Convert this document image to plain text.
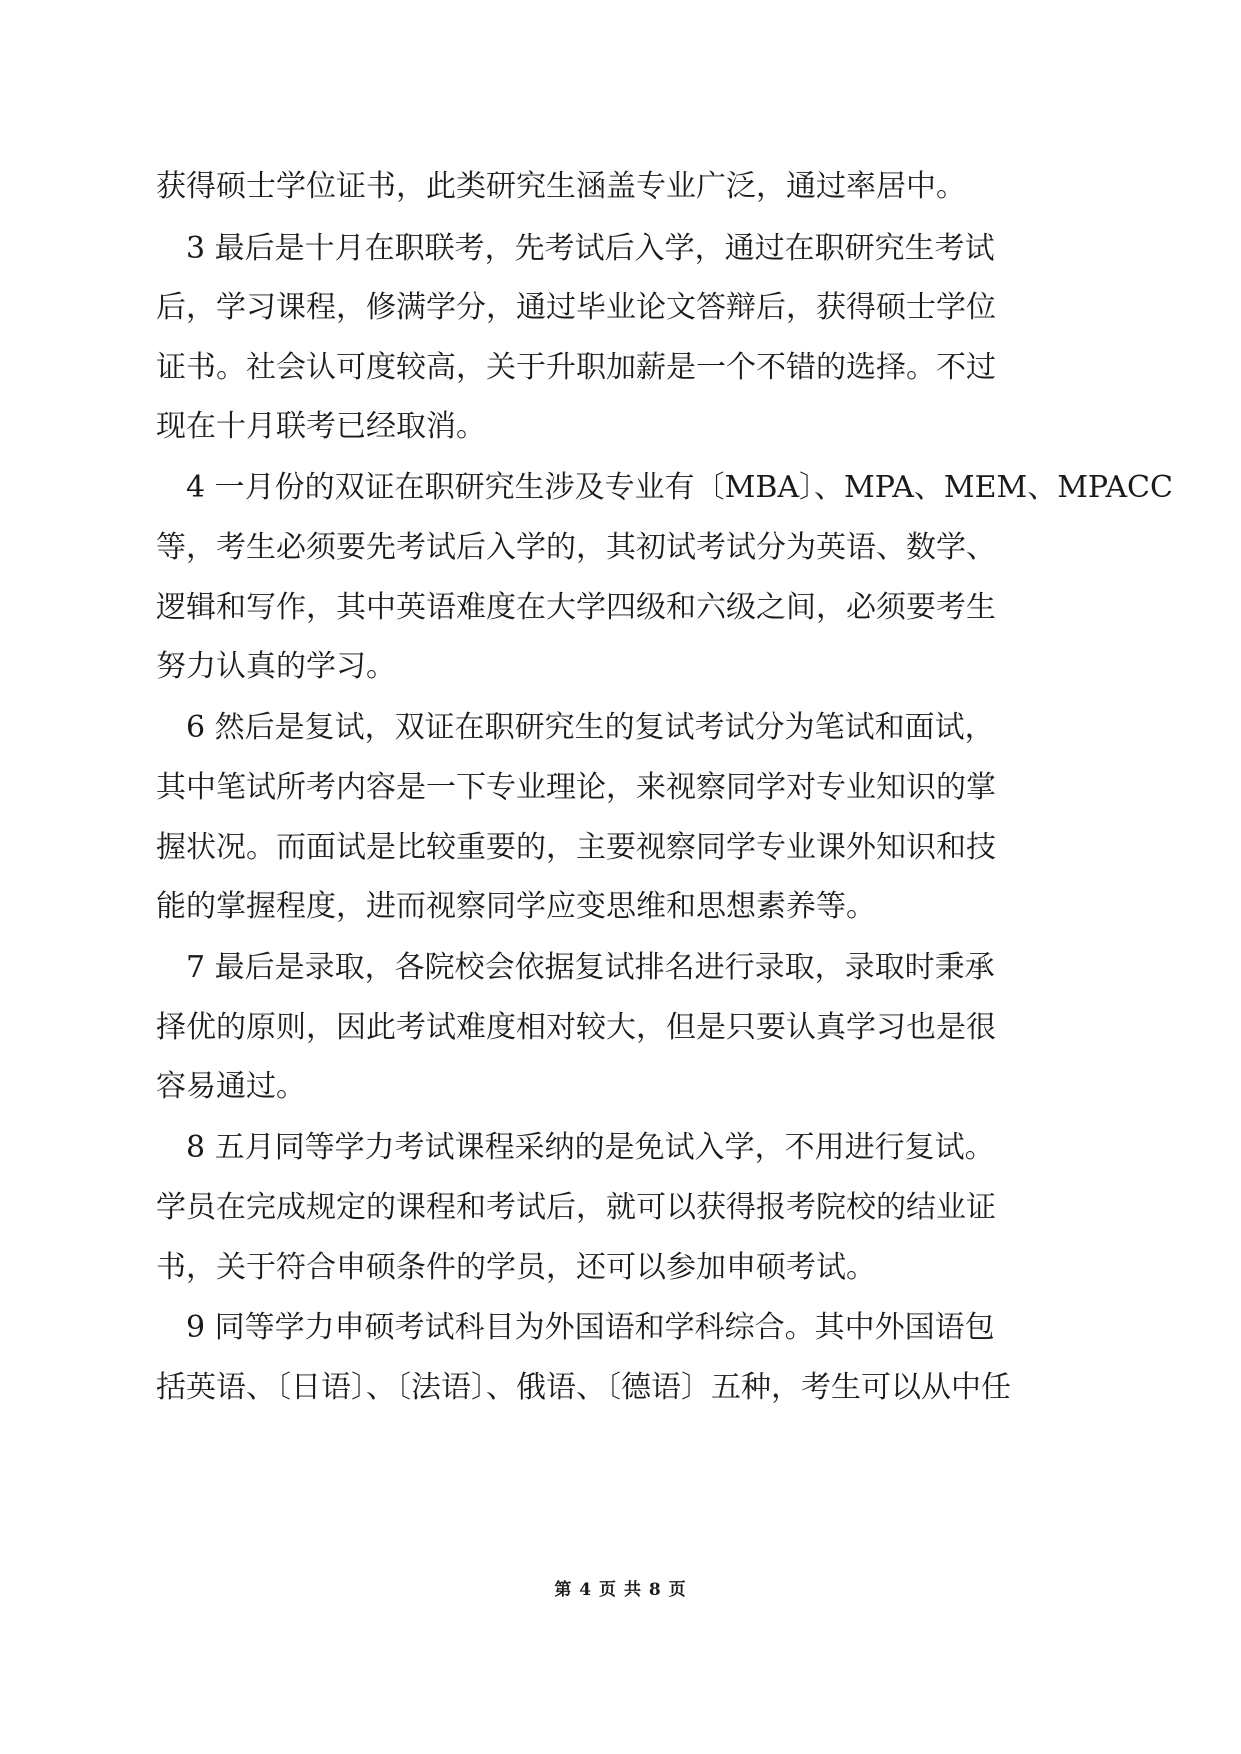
获得硕士学位证书，此类研究生涵盖专业广泛，通过率居中。
3 最后是十月在职联考，先考试后入学，通过在职研究生考试
后，学习课程，修满学分，通过毕业论文答辩后，获得硕士学位
证书。社会认可度较高，关于升职加薪是一个不错的选择。不过
现在十月联考已经取消。
4 一月份的双证在职研究生涉及专业有〔MBA〕、MPA、MEM、MPACC
等，考生必须要先考试后入学的，其初试考试分为英语、数学、
逻辑和写作，其中英语难度在大学四级和六级之间，必须要考生
努力认真的学习。
6 然后是复试，双证在职研究生的复试考试分为笔试和面试，
其中笔试所考内容是一下专业理论，来视察同学对专业知识的掌
握状况。而面试是比较重要的，主要视察同学专业课外知识和技
能的掌握程度，进而视察同学应变思维和思想素养等。
7 最后是录取，各院校会依据复试排名进行录取，录取时秉承
择优的原则，因此考试难度相对较大，但是只要认真学习也是很
容易通过。
8 五月同等学力考试课程采纳的是免试入学，不用进行复试。
学员在完成规定的课程和考试后，就可以获得报考院校的结业证
书，关于符合申硕条件的学员，还可以参加申硕考试。
9 同等学力申硕考试科目为外国语和学科综合。其中外国语包
括英语、〔日语〕、〔法语〕、俄语、〔德语〕五种，考生可以从中任
第 4 页 共 8 页
